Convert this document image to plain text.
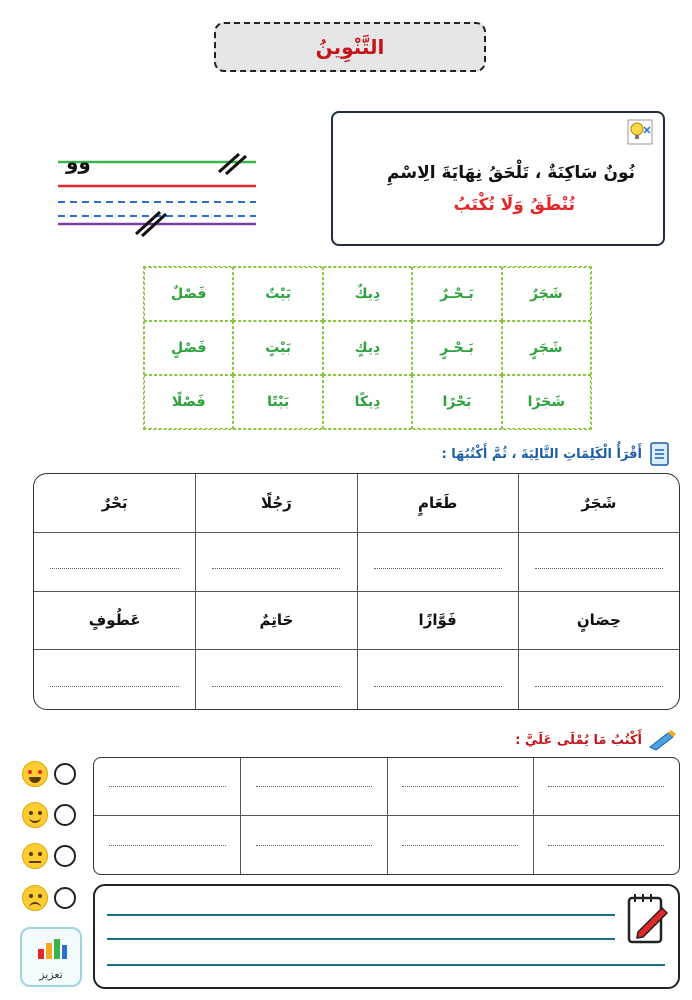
التَّنْوِينُ
وو	نُونٌ سَاكِنَةٌ ، تَلْحَقُ نِهَايَةَ الِاسْمِ
تُنْطَقُ وَلَا تُكْتَبُ
شَجَرٌ
بَـحْـرٌ
دِيكٌ
بَيْتٌ
فَصْلٌ
شَجَرٍ
بَـحْـرٍ
دِيكٍ
بَيْتٍ
فَصْلٍ
شَجَرًا
بَحْرًا
دِيكًا
بَيْتًا
فَصْلًا
أَقْرَأُ الْكَلِمَاتِ التَّالِيَةَ ، ثُمَّ أَكْتُبُهَا :
شَجَرٌ
طَعَامٍ
رَجُلًا
بَحْرٌ
حِصَانٍ
فَوَّازًا
حَاتِمٌ
عَطُوفٍ
أَكْتُبُ مَا يُمْلَى عَلَيَّ :
تعزيز
